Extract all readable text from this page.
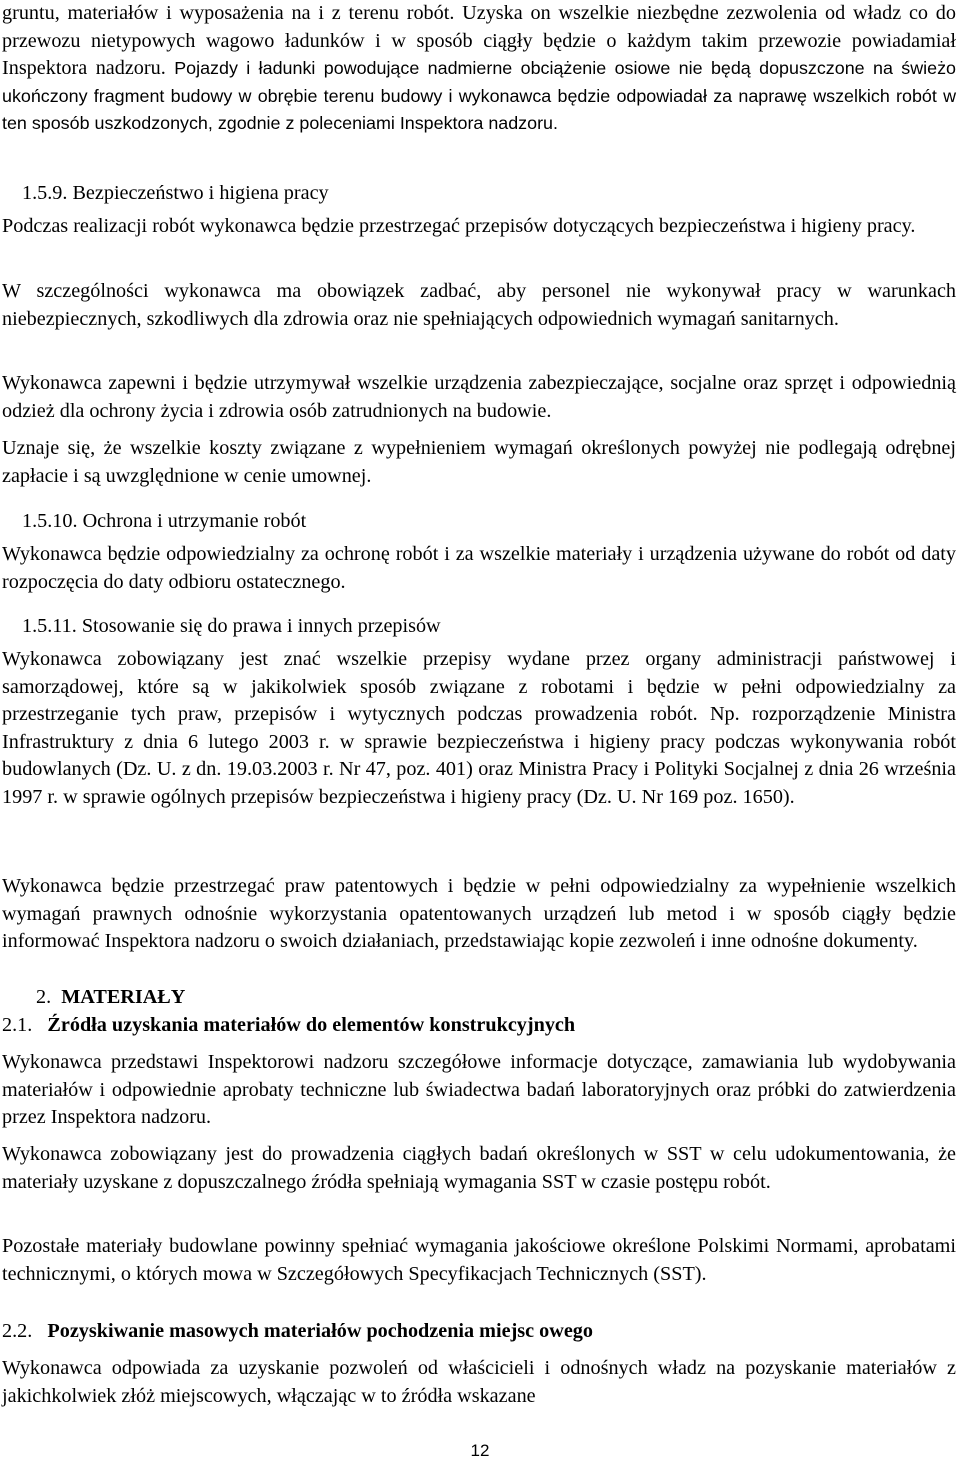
gruntu, materiałów i wyposażenia na i z terenu robót. Uzyska on wszelkie niezbędne zezwolenia od władz co do przewozu nietypowych wagowo ładunków i w sposób ciągły będzie o każdym takim przewozie powiadamiał Inspektora nadzoru. Pojazdy i ładunki powodujące nadmierne obciążenie osiowe nie będą dopuszczone na świeżo ukończony fragment budowy w obrębie terenu budowy i wykonawca będzie odpowiadał za naprawę wszelkich robót w ten sposób uszkodzonych, zgodnie z poleceniami Inspektora nadzoru.

1.5.9. Bezpieczeństwo i higiena pracy

Podczas realizacji robót wykonawca będzie przestrzegać przepisów dotyczących bezpieczeństwa i higieny pracy.

W szczególności wykonawca ma obowiązek zadbać, aby personel nie wykonywał pracy w warunkach niebezpiecznych, szkodliwych dla zdrowia oraz nie spełniających odpowiednich wymagań sanitarnych.

Wykonawca zapewni i będzie utrzymywał wszelkie urządzenia zabezpieczające, socjalne oraz sprzęt i odpowiednią odzież dla ochrony życia i zdrowia osób zatrudnionych na budowie.

Uznaje się, że wszelkie koszty związane z wypełnieniem wymagań określonych powyżej nie podlegają odrębnej zapłacie i są uwzględnione w cenie umownej.

1.5.10. Ochrona i utrzymanie robót

Wykonawca będzie odpowiedzialny za ochronę robót i za wszelkie materiały i urządzenia używane do robót od daty rozpoczęcia do daty odbioru ostatecznego.

1.5.11. Stosowanie się do prawa i innych przepisów

Wykonawca zobowiązany jest znać wszelkie przepisy wydane przez organy administracji państwowej i samorządowej, które są w jakikolwiek sposób związane z robotami i będzie w pełni odpowiedzialny za przestrzeganie tych praw, przepisów i wytycznych podczas prowadzenia robót. Np. rozporządzenie Ministra Infrastruktury z dnia 6 lutego 2003 r. w sprawie bezpieczeństwa i higieny pracy podczas wykonywania robót budowlanych (Dz. U. z dn. 19.03.2003 r. Nr 47, poz. 401) oraz Ministra Pracy i Polityki Socjalnej z dnia 26 września 1997 r. w sprawie ogólnych przepisów bezpieczeństwa i higieny pracy (Dz. U. Nr 169 poz. 1650).

Wykonawca będzie przestrzegać praw patentowych i będzie w pełni odpowiedzialny za wypełnienie wszelkich wymagań prawnych odnośnie wykorzystania opatentowanych urządzeń lub metod i w sposób ciągły będzie informować Inspektora nadzoru o swoich działaniach, przedstawiając kopie zezwoleń i inne odnośne dokumenty.

2. MATERIAŁY

2.1. Źródła uzyskania materiałów do elementów konstrukcyjnych

Wykonawca przedstawi Inspektorowi nadzoru szczegółowe informacje dotyczące, zamawiania lub wydobywania materiałów i odpowiednie aprobaty techniczne lub świadectwa badań laboratoryjnych oraz próbki do zatwierdzenia przez Inspektora nadzoru.

Wykonawca zobowiązany jest do prowadzenia ciągłych badań określonych w SST w celu udokumentowania, że materiały uzyskane z dopuszczalnego źródła spełniają wymagania SST w czasie postępu robót.

Pozostałe materiały budowlane powinny spełniać wymagania jakościowe określone Polskimi Normami, aprobatami technicznymi, o których mowa w Szczegółowych Specyfikacjach Technicznych (SST).

2.2. Pozyskiwanie masowych materiałów pochodzenia miejsc owego

Wykonawca odpowiada za uzyskanie pozwoleń od właścicieli i odnośnych władz na pozyskanie materiałów z jakichkolwiek złóż miejscowych, włączając w to źródła wskazane

12
